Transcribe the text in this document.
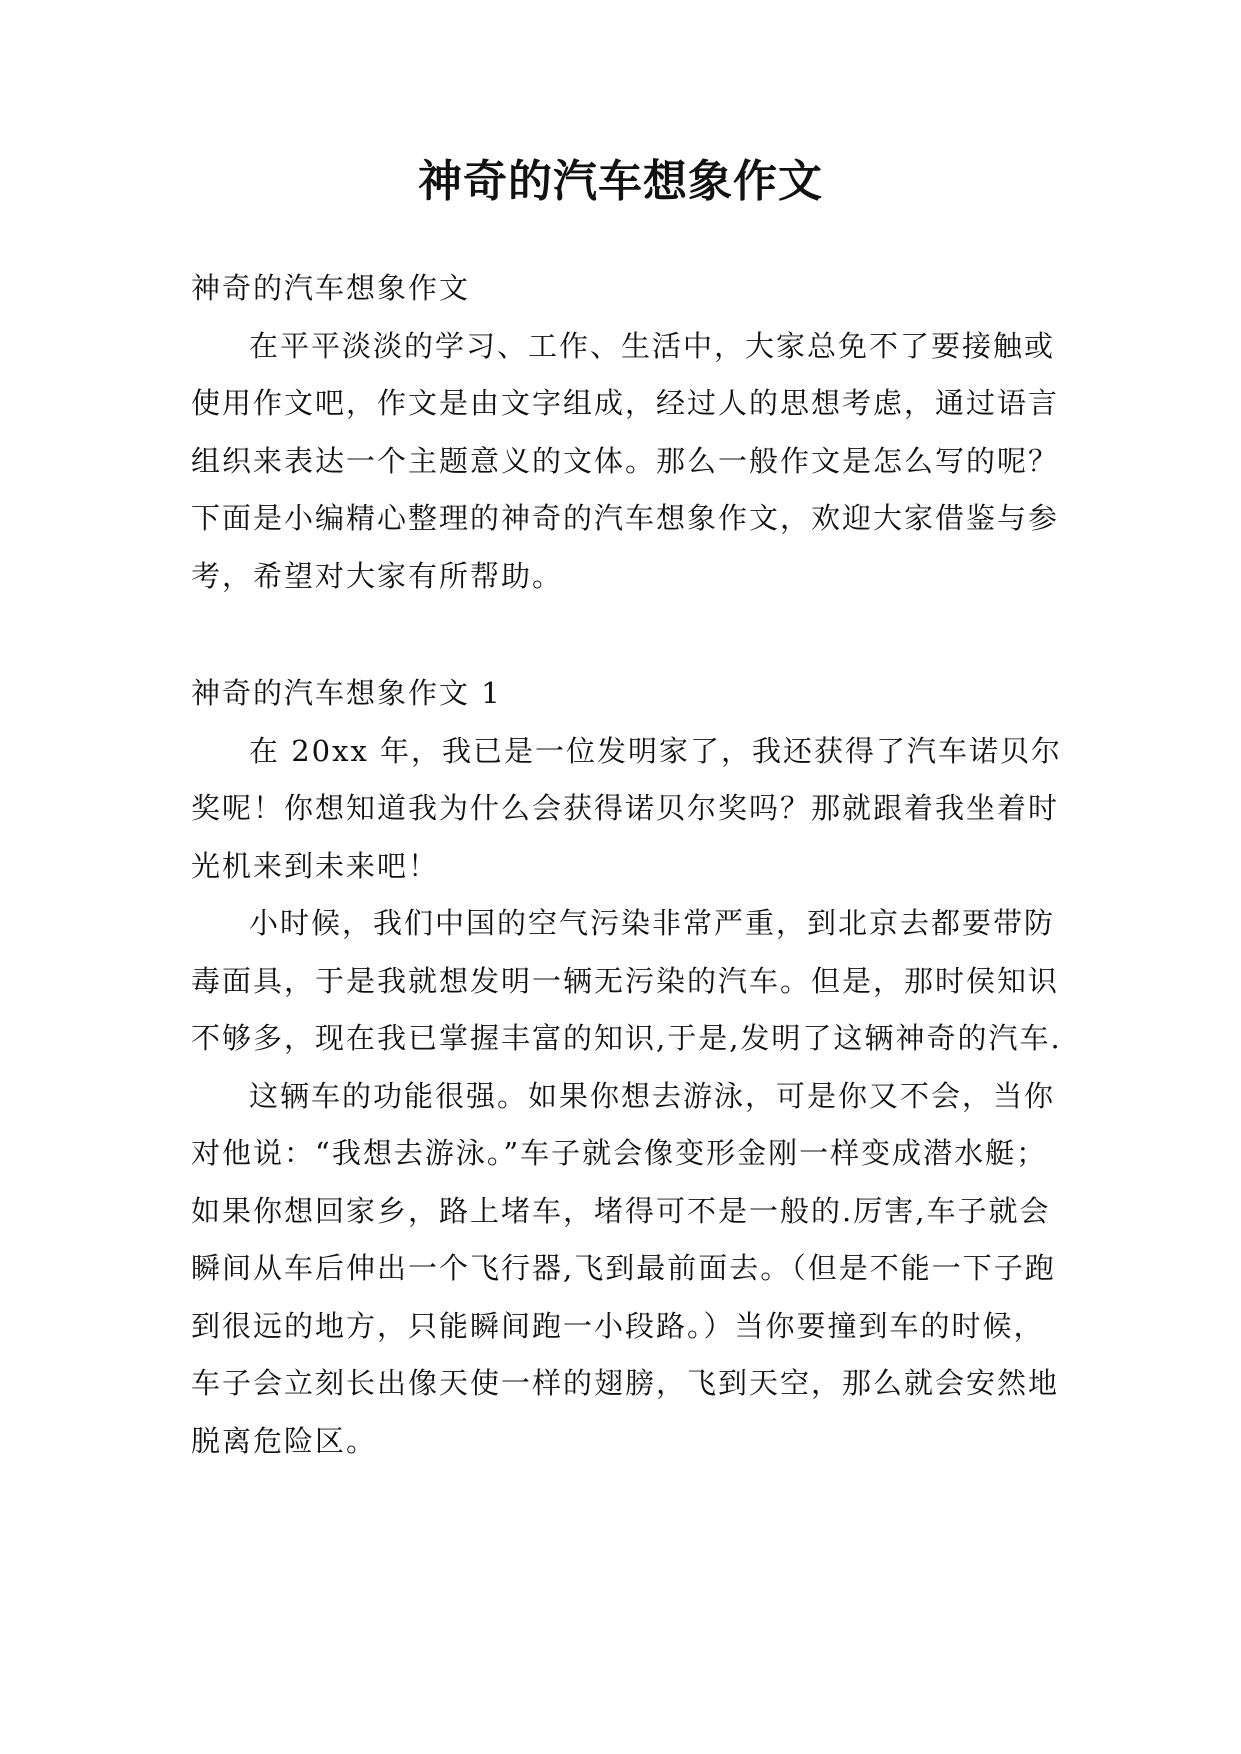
神奇的汽车想象作文

神奇的汽车想象作文

在平平淡淡的学习、工作、生活中，大家总免不了要接触或使用作文吧，作文是由文字组成，经过人的思想考虑，通过语言组织来表达一个主题意义的文体。那么一般作文是怎么写的呢？下面是小编精心整理的神奇的汽车想象作文，欢迎大家借鉴与参考，希望对大家有所帮助。

神奇的汽车想象作文 1

在 20xx 年，我已是一位发明家了，我还获得了汽车诺贝尔奖呢！你想知道我为什么会获得诺贝尔奖吗？那就跟着我坐着时光机来到未来吧！

小时候，我们中国的空气污染非常严重，到北京去都要带防毒面具，于是我就想发明一辆无污染的汽车。但是，那时侯知识不够多，现在我已掌握丰富的知识,于是,发明了这辆神奇的汽车.

这辆车的功能很强。如果你想去游泳，可是你又不会，当你对他说：“我想去游泳。”车子就会像变形金刚一样变成潜水艇；如果你想回家乡，路上堵车，堵得可不是一般的.厉害,车子就会瞬间从车后伸出一个飞行器,飞到最前面去。（但是不能一下子跑到很远的地方，只能瞬间跑一小段路。）当你要撞到车的时候，车子会立刻长出像天使一样的翅膀，飞到天空，那么就会安然地脱离危险区。
